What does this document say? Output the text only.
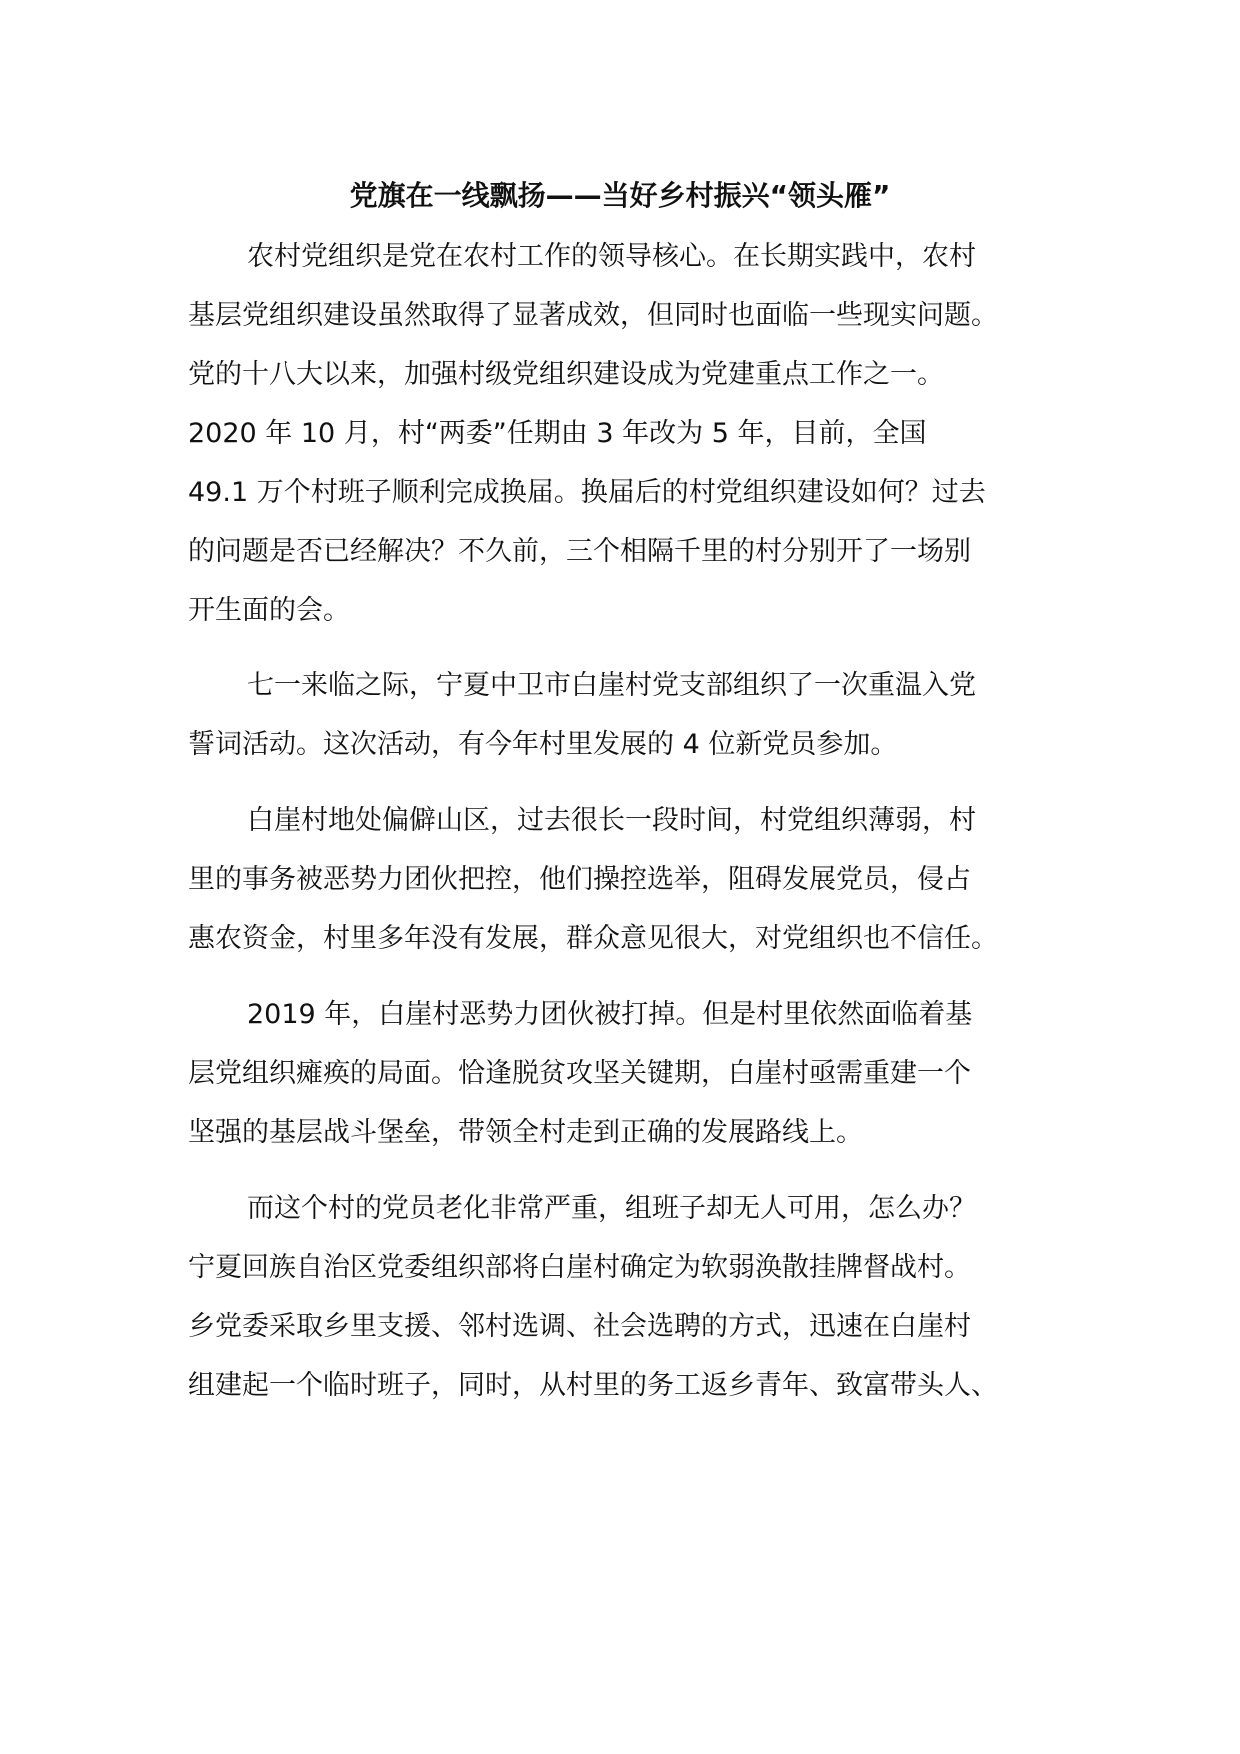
党旗在一线飘扬——当好乡村振兴“领头雁”
农村党组织是党在农村工作的领导核心。在长期实践中，农村
基层党组织建设虽然取得了显著成效，但同时也面临一些现实问题。
党的十八大以来，加强村级党组织建设成为党建重点工作之一。
2020 年 10 月，村“两委”任期由 3 年改为 5 年，目前，全国
49.1 万个村班子顺利完成换届。换届后的村党组织建设如何？过去
的问题是否已经解决？不久前，三个相隔千里的村分别开了一场别
开生面的会。
七一来临之际，宁夏中卫市白崖村党支部组织了一次重温入党
誓词活动。这次活动，有今年村里发展的 4 位新党员参加。
白崖村地处偏僻山区，过去很长一段时间，村党组织薄弱，村
里的事务被恶势力团伙把控，他们操控选举，阻碍发展党员，侵占
惠农资金，村里多年没有发展，群众意见很大，对党组织也不信任。
2019 年，白崖村恶势力团伙被打掉。但是村里依然面临着基
层党组织瘫痪的局面。恰逢脱贫攻坚关键期，白崖村亟需重建一个
坚强的基层战斗堡垒，带领全村走到正确的发展路线上。
而这个村的党员老化非常严重，组班子却无人可用，怎么办？
宁夏回族自治区党委组织部将白崖村确定为软弱涣散挂牌督战村。
乡党委采取乡里支援、邻村选调、社会选聘的方式，迅速在白崖村
组建起一个临时班子，同时，从村里的务工返乡青年、致富带头人、
